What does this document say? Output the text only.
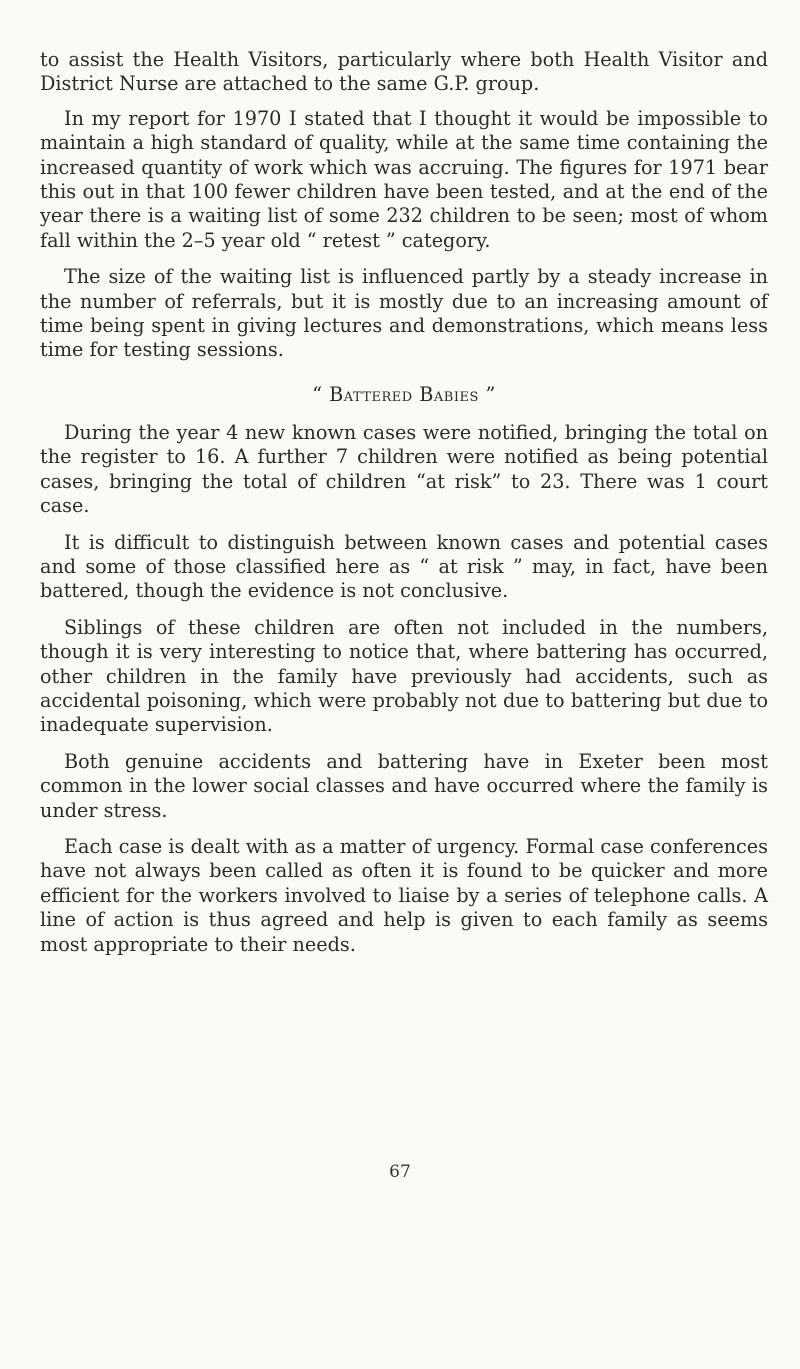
to assist the Health Visitors, particularly where both Health Visitor and District Nurse are attached to the same G.P. group.

In my report for 1970 I stated that I thought it would be impossible to maintain a high standard of quality, while at the same time containing the increased quantity of work which was accruing. The figures for 1971 bear this out in that 100 fewer children have been tested, and at the end of the year there is a waiting list of some 232 children to be seen; most of whom fall within the 2–5 year old “ retest ” category.

The size of the waiting list is influenced partly by a steady increase in the number of referrals, but it is mostly due to an increasing amount of time being spent in giving lectures and demonstrations, which means less time for testing sessions.

“ Battered Babies ”

During the year 4 new known cases were notified, bringing the total on the register to 16. A further 7 children were notified as being potential cases, bringing the total of children “at risk” to 23. There was 1 court case.

It is difficult to distinguish between known cases and potential cases and some of those classified here as “ at risk ” may, in fact, have been battered, though the evidence is not conclusive.

Siblings of these children are often not included in the numbers, though it is very interesting to notice that, where battering has occurred, other children in the family have previously had accidents, such as accidental poisoning, which were probably not due to battering but due to inadequate supervision.

Both genuine accidents and battering have in Exeter been most common in the lower social classes and have occurred where the family is under stress.

Each case is dealt with as a matter of urgency. Formal case conferences have not always been called as often it is found to be quicker and more efficient for the workers involved to liaise by a series of telephone calls. A line of action is thus agreed and help is given to each family as seems most appropriate to their needs.

67
